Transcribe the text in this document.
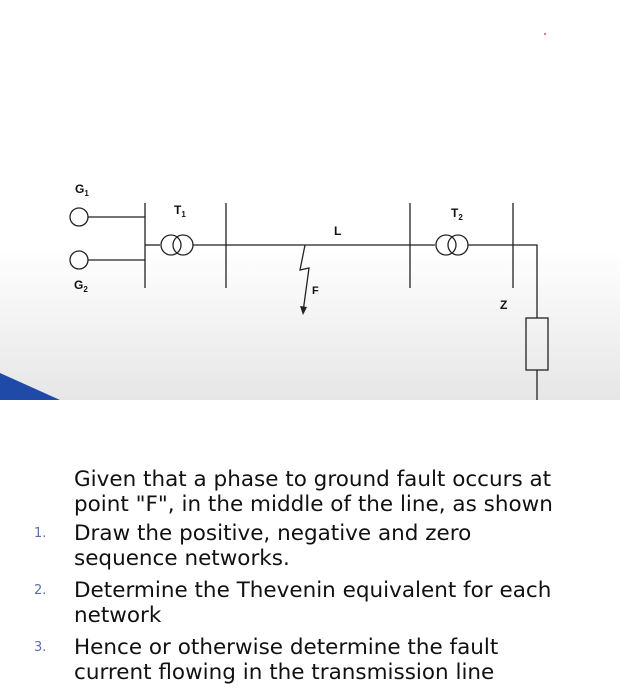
$G_1$
$G_2$
$T_1$	$T_2$
L
F
Z
Given that a phase to ground fault occurs at
point "F", in the middle of the line, as shown
1. Draw the positive, negative and zero
sequence networks.
2. Determine the Thevenin equivalent for each
network
3. Hence or otherwise determine the fault
current flowing in the transmission line
